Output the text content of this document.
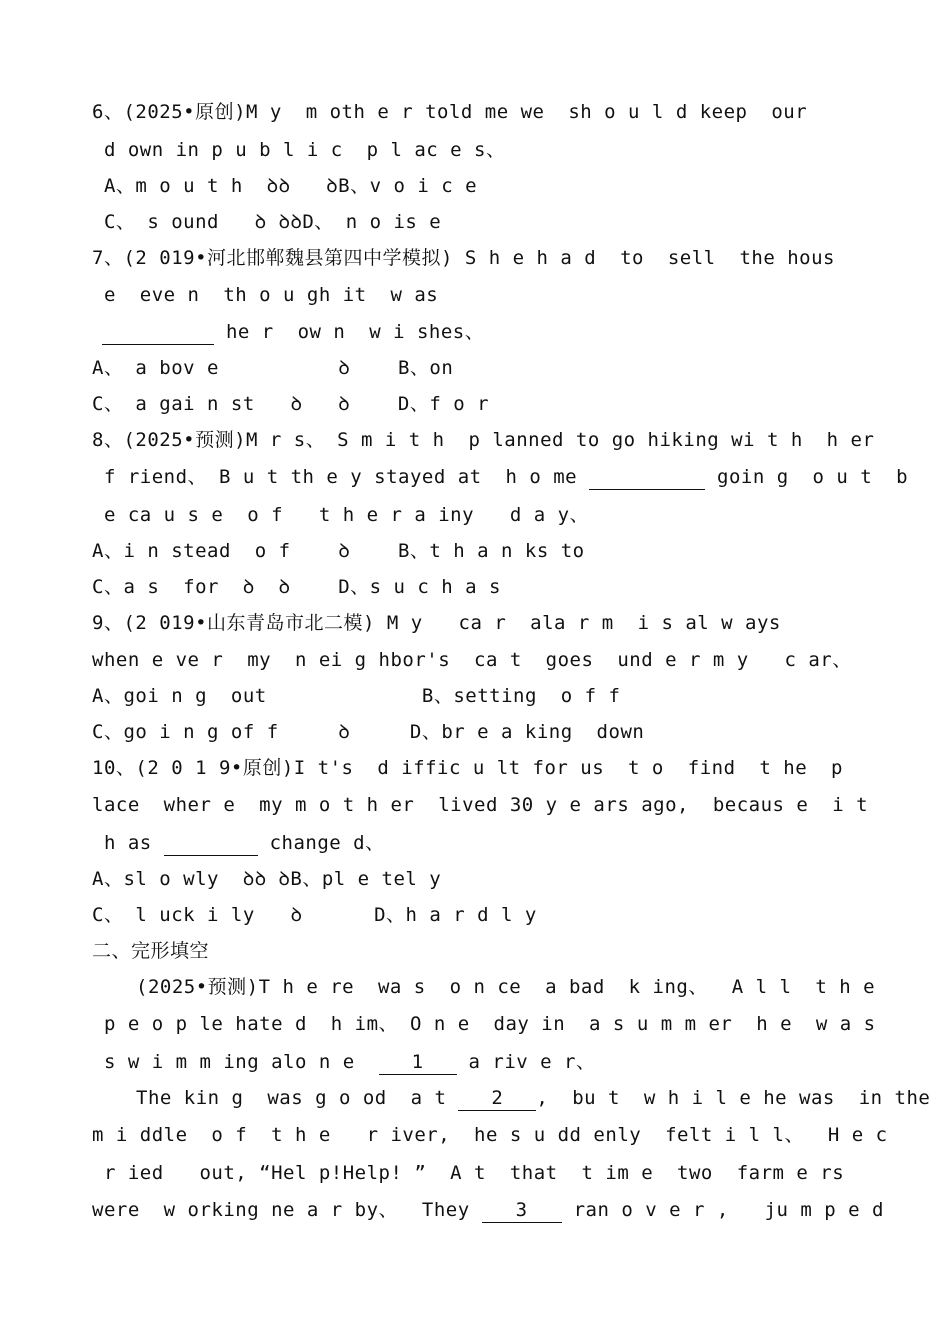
6、(2025•原创)M y  m oth e r told me we  sh o u l d keep  our
d own in p u b l i c  p l ac e s、
A、m o u t h  ꝺꝺ   ꝺB、v o i c e
C、 s ound   ꝺ ꝺꝺD、 n o is e
7、(2 019•河北邯郸魏县第四中学模拟) S h e h a d  to  sell  the hous
e  eve n  th o u gh it  w as
he r  ow n  w i shes、
A、 a bov e          ꝺ    B、on
C、 a gai n st   ꝺ   ꝺ    D、f o r
8、(2025•预测)M r s、 S m i t h  p lanned to go hiking wi t h  h er
f riend、 B u t th e y stayed at  h o me	goin g  o u t  b
e ca u s e  o f   t h e r a iny   d a y、
A、i n stead  o f    ꝺ    B、t h a n ks to
C、a s  for  ꝺ  ꝺ    D、s u c h a s
9、(2 019•山东青岛市北二模) M y   ca r  ala r m  i s al w ays
when e ve r  my  n ei g hbor's  ca t  goes  und e r m y   c ar、
A、goi n g  out             B、setting  o f f
C、go i n g of f     ꝺ     D、br e a king  down
10、(2 0 1 9•原创)I t's  d iffic u lt for us  t o  find  t he  p
lace  wher e  my m o t h er  lived 30 y e ars ago,  becaus e  i t
h as	change d、
A、sl o wly  ꝺꝺ ꝺB、pl e tel y
C、 l uck i ly   ꝺ      D、h a r d l y
二、完形填空
(2025•预测)T h e re  wa s  o n ce  a bad  k ing、  A l l  t h e
p e o p le hate d  h im、 O n e  day in  a s u m m er  h e  w a s
s w i m m ing alo n e	1 a riv e r、
The kin g  was g o od  a t 2 ,  bu t  w h i l e he was  in the
m i ddle  o f  t h e   r iver,  he s u dd enly  felt i l l、  H e c
r ied   out, “Hel p!Help! ”  A t  that  t im e  two  farm e rs
were  w orking ne a r by、  They 3 ran o v e r ,   ju m p e d
